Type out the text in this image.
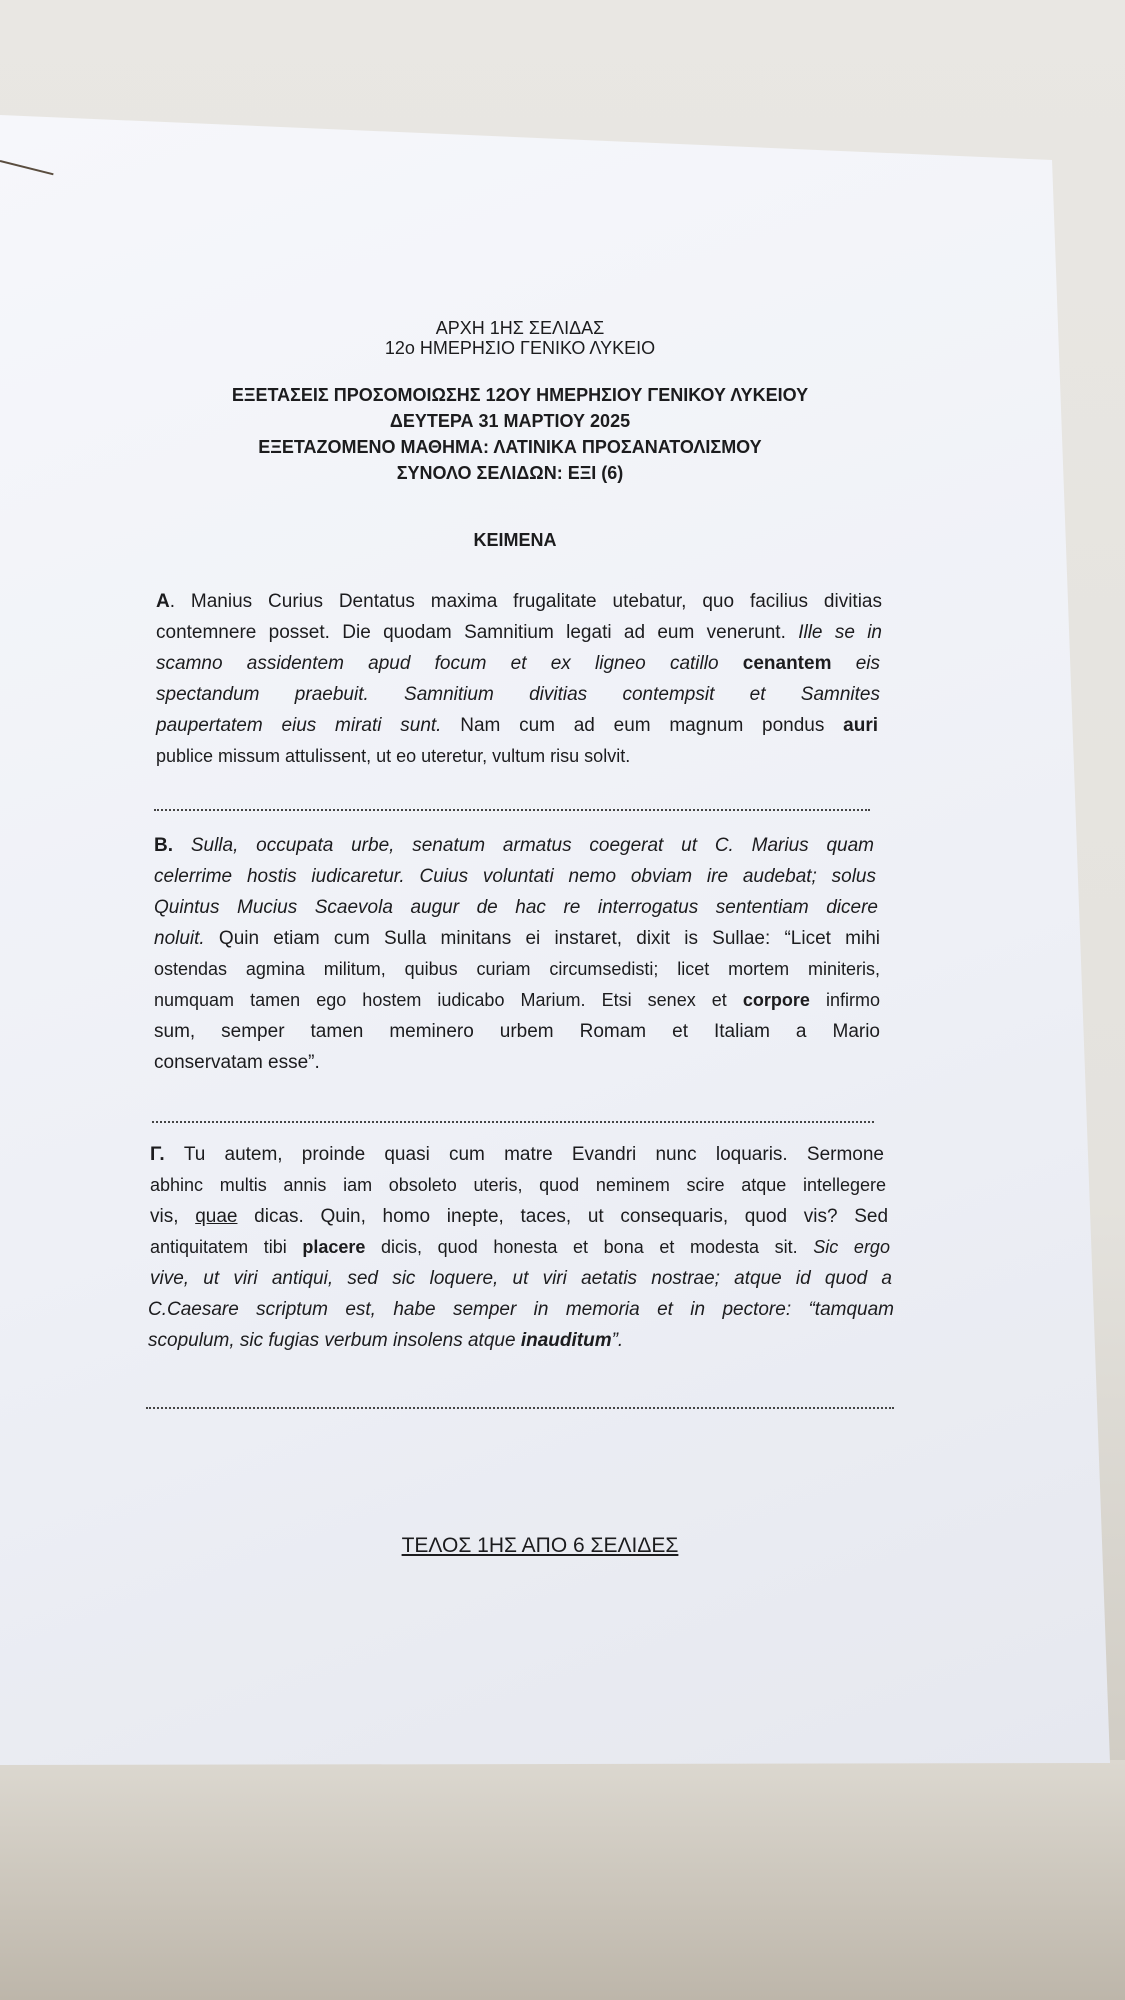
ΑΡΧΗ 1ΗΣ ΣΕΛΙΔΑΣ
12ο ΗΜΕΡΗΣΙΟ ΓΕΝΙΚΟ ΛΥΚΕΙΟ
ΕΞΕΤΑΣΕΙΣ ΠΡΟΣΟΜΟΙΩΣΗΣ 12ΟΥ ΗΜΕΡΗΣΙΟΥ ΓΕΝΙΚΟΥ ΛΥΚΕΙΟΥ
ΔΕΥΤΕΡΑ 31 ΜΑΡΤΙΟΥ 2025
ΕΞΕΤΑΖΟΜΕΝΟ ΜΑΘΗΜΑ: ΛΑΤΙΝΙΚΑ ΠΡΟΣΑΝΑΤΟΛΙΣΜΟΥ
ΣΥΝΟΛΟ ΣΕΛΙΔΩΝ: ΕΞΙ (6)
ΚΕΙΜΕΝΑ
Α. Manius Curius Dentatus maxima frugalitate utebatur, quo facilius divitias
contemnere posset. Die quodam Samnitium legati ad eum venerunt. Ille se in
scamno assidentem apud focum et ex ligneo catillo cenantem eis
spectandum praebuit. Samnitium divitias contempsit et Samnites
paupertatem eius mirati sunt. Nam cum ad eum magnum pondus auri
publice missum attulissent, ut eo uteretur, vultum risu solvit.
Β. Sulla, occupata urbe, senatum armatus coegerat ut C. Marius quam
celerrime hostis iudicaretur. Cuius voluntati nemo obviam ire audebat; solus
Quintus Mucius Scaevola augur de hac re interrogatus sententiam dicere
noluit. Quin etiam cum Sulla minitans ei instaret, dixit is Sullae: “Licet mihi
ostendas agmina militum, quibus curiam circumsedisti; licet mortem miniteris,
numquam tamen ego hostem iudicabo Marium. Etsi senex et corpore infirmo
sum, semper tamen meminero urbem Romam et Italiam a Mario
conservatam esse”.
Γ. Tu autem, proinde quasi cum matre Evandri nunc loquaris. Sermone
abhinc multis annis iam obsoleto uteris, quod neminem scire atque intellegere
vis, quae dicas. Quin, homo inepte, taces, ut consequaris, quod vis? Sed
antiquitatem tibi placere dicis, quod honesta et bona et modesta sit. Sic ergo
vive, ut viri antiqui, sed sic loquere, ut viri aetatis nostrae; atque id quod a
C.Caesare scriptum est, habe semper in memoria et in pectore: “tamquam
scopulum, sic fugias verbum insolens atque inauditum”.
ΤΕΛΟΣ 1ΗΣ ΑΠΟ 6 ΣΕΛΙΔΕΣ
